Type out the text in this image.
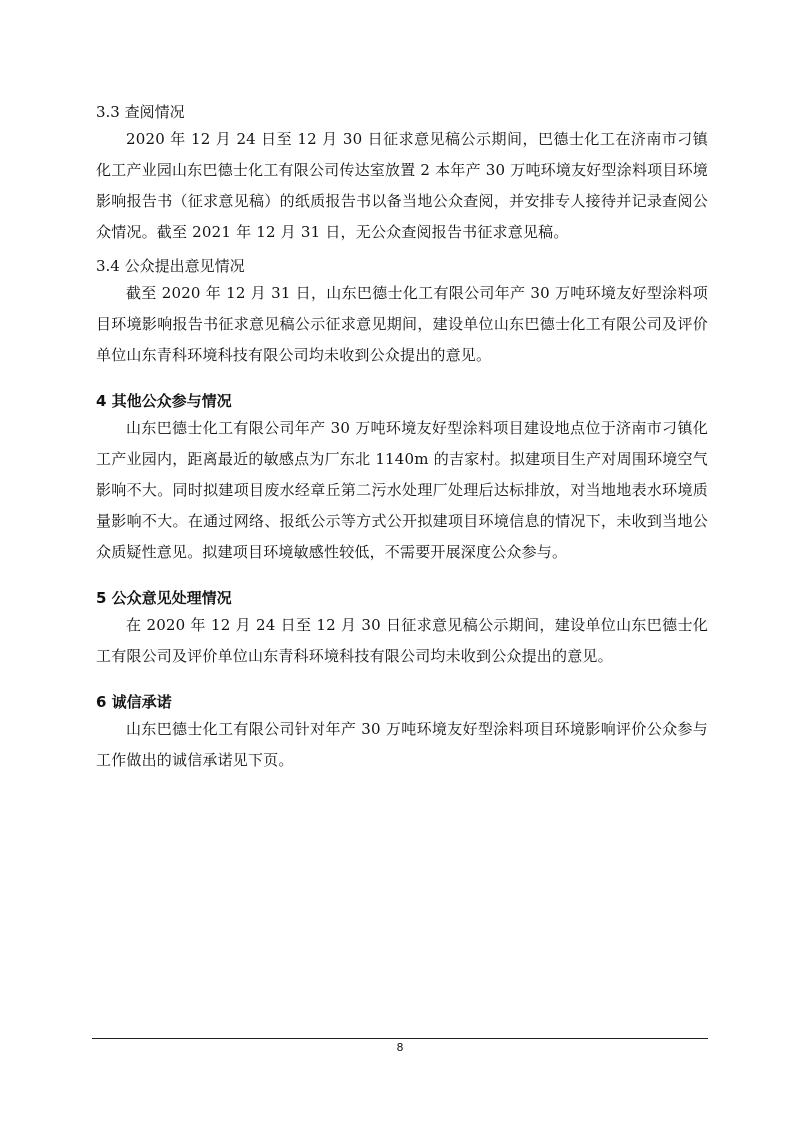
3.3 查阅情况

2020 年 12 月 24 日至 12 月 30 日征求意见稿公示期间，巴德士化工在济南市刁镇化工产业园山东巴德士化工有限公司传达室放置 2 本年产 30 万吨环境友好型涂料项目环境影响报告书（征求意见稿）的纸质报告书以备当地公众查阅，并安排专人接待并记录查阅公众情况。截至 2021 年 12 月 31 日，无公众查阅报告书征求意见稿。

3.4 公众提出意见情况

截至 2020 年 12 月 31 日，山东巴德士化工有限公司年产 30 万吨环境友好型涂料项目环境影响报告书征求意见稿公示征求意见期间，建设单位山东巴德士化工有限公司及评价单位山东青科环境科技有限公司均未收到公众提出的意见。

4 其他公众参与情况

山东巴德士化工有限公司年产 30 万吨环境友好型涂料项目建设地点位于济南市刁镇化工产业园内，距离最近的敏感点为厂东北 1140m 的吉家村。拟建项目生产对周围环境空气影响不大。同时拟建项目废水经章丘第二污水处理厂处理后达标排放，对当地地表水环境质量影响不大。在通过网络、报纸公示等方式公开拟建项目环境信息的情况下，未收到当地公众质疑性意见。拟建项目环境敏感性较低，不需要开展深度公众参与。

5 公众意见处理情况

在 2020 年 12 月 24 日至 12 月 30 日征求意见稿公示期间，建设单位山东巴德士化工有限公司及评价单位山东青科环境科技有限公司均未收到公众提出的意见。

6 诚信承诺

山东巴德士化工有限公司针对年产 30 万吨环境友好型涂料项目环境影响评价公众参与工作做出的诚信承诺见下页。

8
